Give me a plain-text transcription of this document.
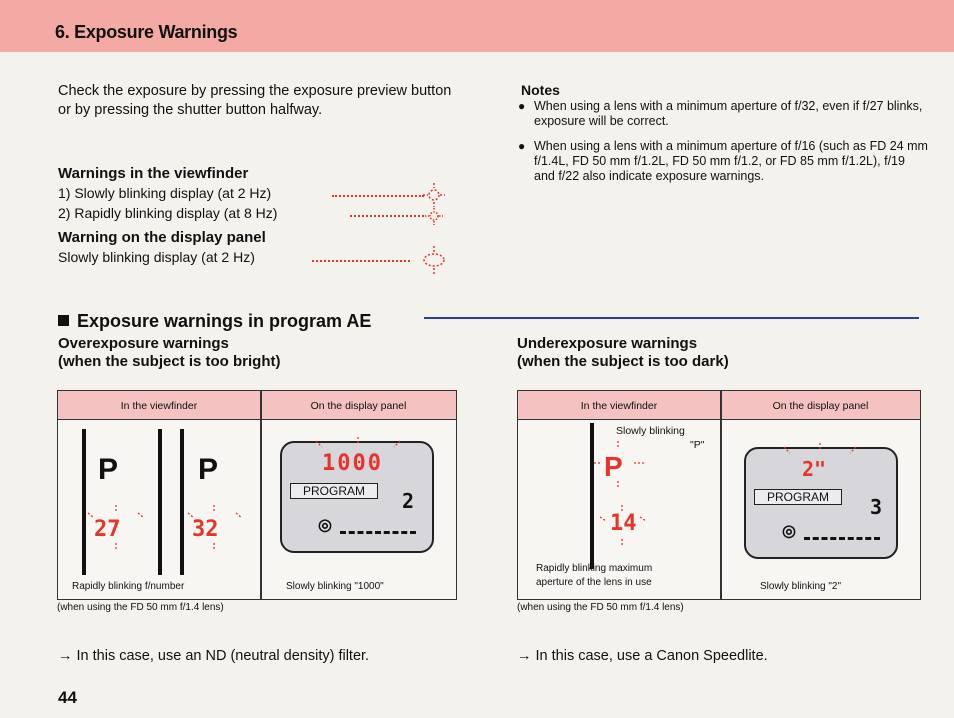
6. Exposure Warnings
Check the exposure by pressing the exposure preview button or by pressing the shutter button halfway.
Warnings in the viewfinder
1) Slowly blinking display (at 2 Hz)
2) Rapidly blinking display (at 8 Hz)
Warning on the display panel
Slowly blinking display (at 2 Hz)
Notes
● When using a lens with a minimum aperture of f/32, even if f/27 blinks, exposure will be correct.
● When using a lens with a minimum aperture of f/16 (such as FD 24 mm f/1.4L, FD 50 mm f/1.2L, FD 50 mm f/1.2, or FD 85 mm f/1.2L), f/19 and f/22 also indicate exposure warnings.
Exposure warnings in program AE
Overexposure warnings
(when the subject is too bright)
Underexposure warnings
(when the subject is too dark)
In the viewfinder	On the display panel
P
27
P
32
Rapidly blinking f/number
1000
PROGRAM	2
◎
Slowly blinking "1000"
(when using the FD 50 mm f/1.4 lens)
In the viewfinder	On the display panel
P
Slowly blinking
"P"
14
Rapidly blinking maximum
aperture of the lens in use
2"
PROGRAM	3
◎
Slowly blinking "2"
(when using the FD 50 mm f/1.4 lens)
→ In this case, use an ND (neutral density) filter.	→ In this case, use a Canon Speedlite.
44
